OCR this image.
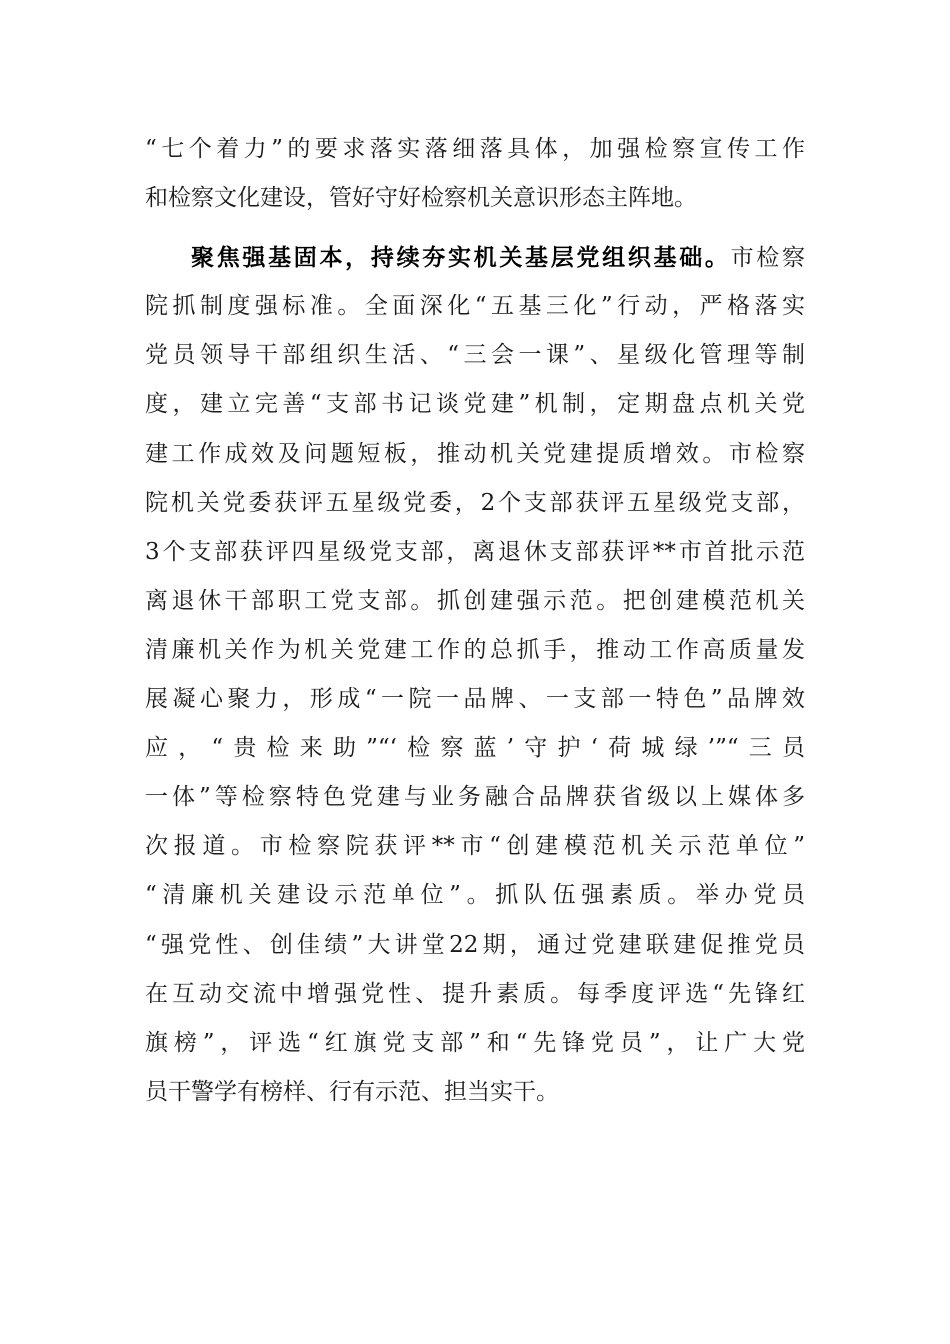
“七个着力”的要求落实落细落具体，加强检察宣传工作
和检察文化建设，管好守好检察机关意识形态主阵地。
聚焦强基固本，持续夯实机关基层党组织基础。市检察
院抓制度强标准。全面深化“五基三化”行动，严格落实
党员领导干部组织生活、“三会一课”、星级化管理等制
度，建立完善“支部书记谈党建”机制，定期盘点机关党
建工作成效及问题短板，推动机关党建提质增效。市检察
院机关党委获评五星级党委，2个支部获评五星级党支部，
3个支部获评四星级党支部，离退休支部获评**市首批示范
离退休干部职工党支部。抓创建强示范。把创建模范机关
清廉机关作为机关党建工作的总抓手，推动工作高质量发
展凝心聚力，形成“一院一品牌、一支部一特色”品牌效
应，“贵检来助”“‘检察蓝’守护‘荷城绿’”“三员
一体”等检察特色党建与业务融合品牌获省级以上媒体多
次报道。市检察院获评**市“创建模范机关示范单位”
“清廉机关建设示范单位”。抓队伍强素质。举办党员
“强党性、创佳绩”大讲堂22期，通过党建联建促推党员
在互动交流中增强党性、提升素质。每季度评选“先锋红
旗榜”，评选“红旗党支部”和“先锋党员”，让广大党
员干警学有榜样、行有示范、担当实干。
